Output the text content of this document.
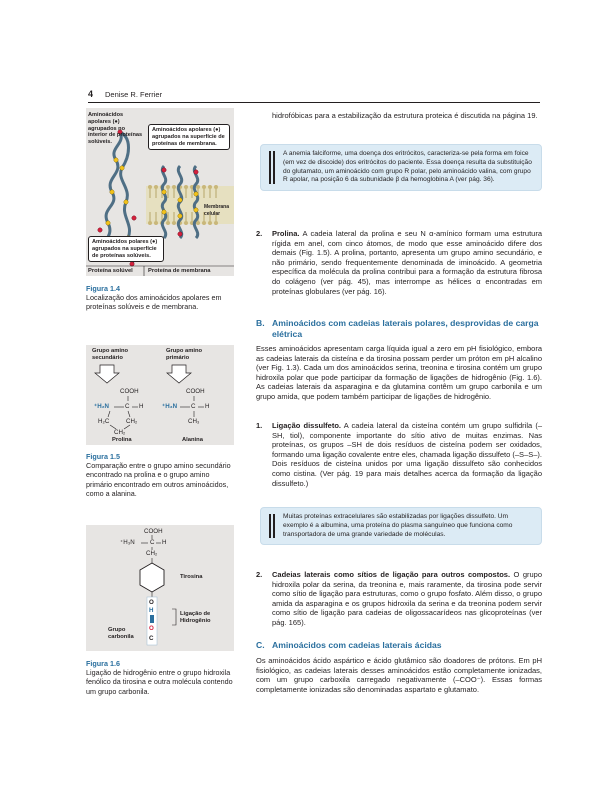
4 Denise R. Ferrier
Aminoácidos apolares (●) agrupados no interior de proteínas solúveis.
Aminoácidos apolares (●) agrupados na superfície de proteínas de membrana.
Membrana celular
Aminoácidos polares (●) agrupados na superfície de proteínas solúveis.
Proteína solúvel	Proteína de membrana
Figura 1.4
Localização dos aminoácidos apolares em proteínas solúveis e de membrana.
Grupo amino secundário
Grupo amino primário
COOH
⁺H₂N	C H
H₂C	CH₂
CH₂
COOH
⁺H₃N C H
CH₃
Prolina	Alanina
Figura 1.5
Comparação entre o grupo amino secundário encontrado na prolina e o grupo amino primário encontrado em outros aminoácidos, como a alanina.
COOH
⁺H₃N C H
CH₂
O
H
O
C
Tirosina
Ligação de Hidrogênio
Grupo carbonila
Figura 1.6
Ligação de hidrogênio entre o grupo hidroxila fenólico da tirosina e outra molécula contendo um grupo carbonila.

hidrofóbicas para a estabilização da estrutura proteica é discutida na página 19.

A anemia falciforme, uma doença dos eritrócitos, caracteriza-se pela forma em foice (em vez de discoide) dos eritrócitos do paciente. Essa doença resulta da substituição do glutamato, um aminoácido com grupo R polar, pelo aminoácido valina, com grupo R apolar, na posição 6 da subunidade β da hemoglobina A (ver pág. 36).
2.	Prolina. A cadeia lateral da prolina e seu N α-amínico formam uma estrutura rígida em anel, com cinco átomos, de modo que esse aminoácido difere dos demais (Fig. 1.5). A prolina, portanto, apresenta um grupo amino secundário, e não primário, sendo frequentemente denominada de iminoácido. A geometria específica da molécula da prolina contribui para a formação da estrutura fibrosa do colágeno (ver pág. 45), mas interrompe as hélices α encontradas em proteínas globulares (ver pág. 16).

B. Aminoácidos com cadeias laterais polares, desprovidas de carga elétrica

Esses aminoácidos apresentam carga líquida igual a zero em pH fisiológico, embora as cadeias laterais da cisteína e da tirosina possam perder um próton em pH alcalino (ver Fig. 1.3). Cada um dos aminoácidos serina, treonina e tirosina contém um grupo hidroxila polar que pode participar da formação de ligações de hidrogênio (Fig. 1.6). As cadeias laterais da asparagina e da glutamina contêm um grupo carbonila e um grupo amida, que podem também participar de ligações de hidrogênio.

1.	Ligação dissulfeto. A cadeia lateral da cisteína contém um grupo sulfidrila (–SH, tiol), componente importante do sítio ativo de muitas enzimas. Nas proteínas, os grupos –SH de dois resíduos de cisteína podem ser oxidados, formando uma ligação covalente entre eles, chamada ligação dissulfeto (–S–S–). Dois resíduos de cisteína unidos por uma ligação dissulfeto são conhecidos como cistina. (Ver pág. 19 para mais detalhes acerca da formação da ligação dissulfeto.)

Muitas proteínas extracelulares são estabilizadas por ligações dissulfeto. Um exemplo é a albumina, uma proteína do plasma sanguíneo que funciona como transportadora de uma grande variedade de moléculas.
2.	Cadeias laterais como sítios de ligação para outros compostos. O grupo hidroxila polar da serina, da treonina e, mais raramente, da tirosina pode servir como sítio de ligação para estruturas, como o grupo fosfato. Além disso, o grupo amida da asparagina e os grupos hidroxila da serina e da treonina podem servir como sítio de ligação para cadeias de oligossacarídeos nas glicoproteínas (ver pág. 165).

C. Aminoácidos com cadeias laterais ácidas

Os aminoácidos ácido aspártico e ácido glutâmico são doadores de prótons. Em pH fisiológico, as cadeias laterais desses aminoácidos estão completamente ionizadas, com um grupo carboxila carregado negativamente (–COO⁻). Essas formas completamente ionizadas são denominadas aspartato e glutamato.
